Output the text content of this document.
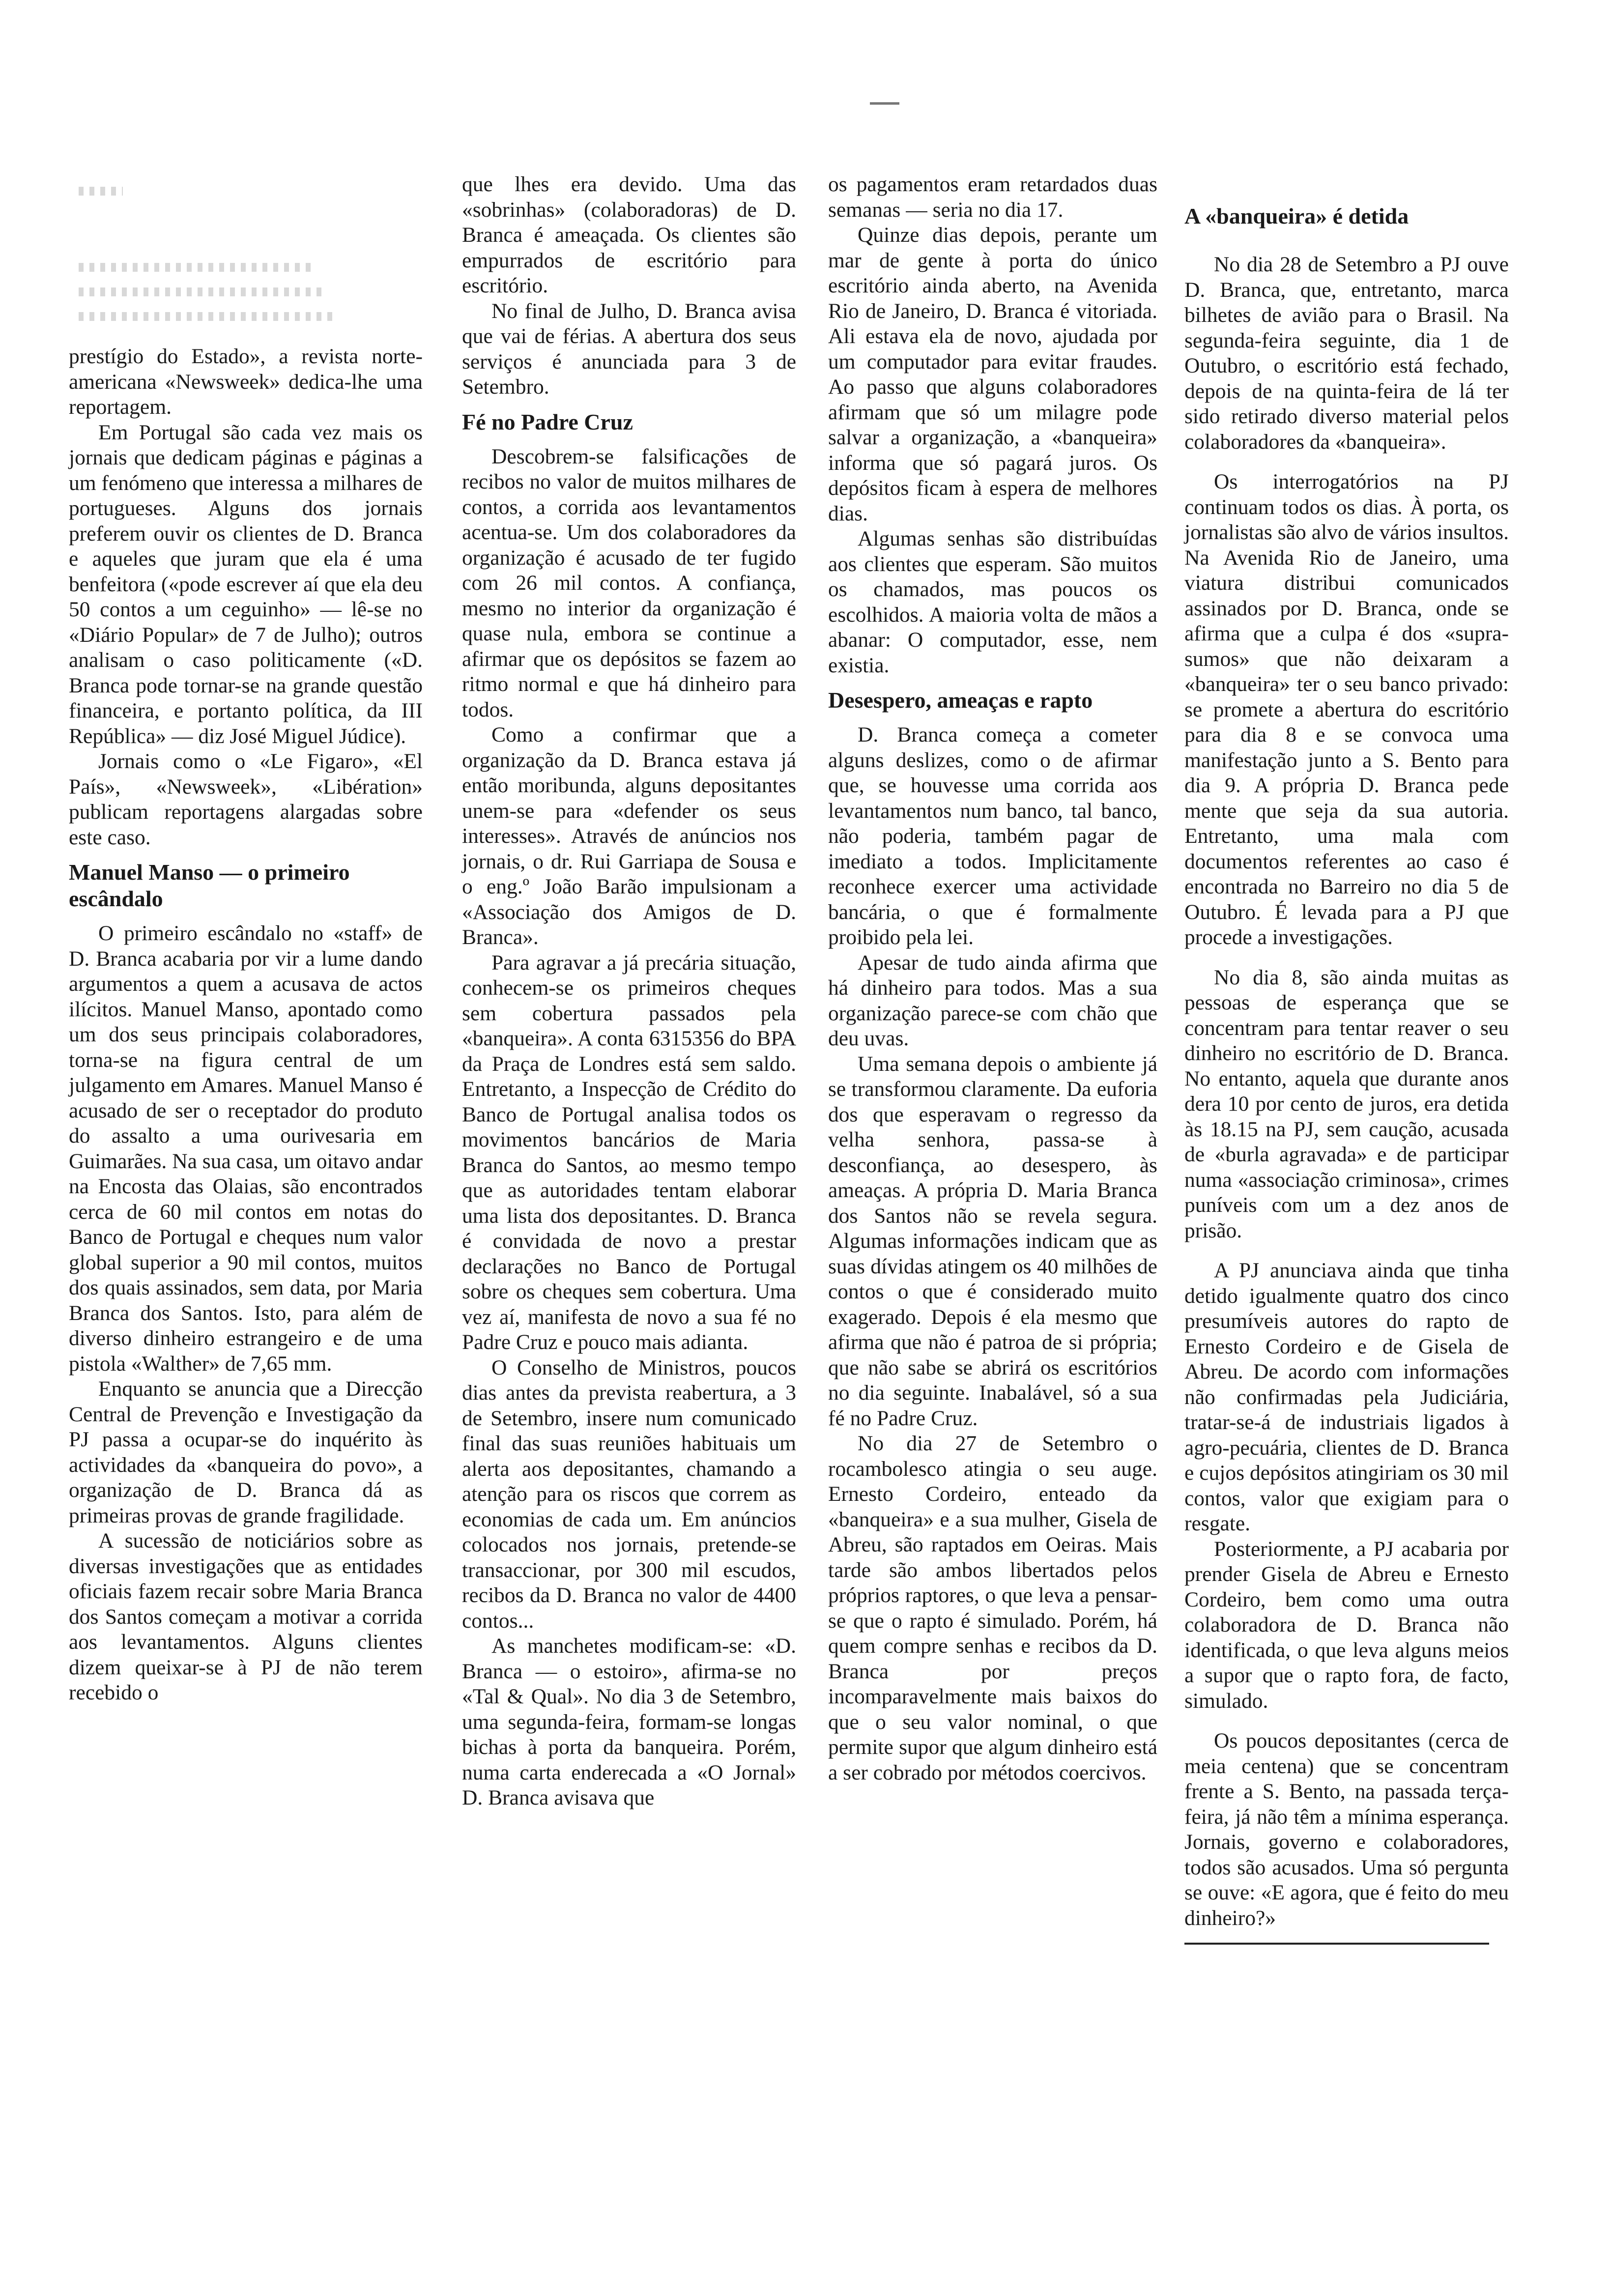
prestígio do Estado», a revista norte-americana «Newsweek» dedica-lhe uma reportagem.

Em Portugal são cada vez mais os jornais que dedicam páginas e páginas a um fenómeno que interessa a milhares de portugueses. Alguns dos jornais preferem ouvir os clientes de D. Branca e aqueles que juram que ela é uma benfeitora («pode escrever aí que ela deu 50 contos a um ceguinho» — lê-se no «Diário Popular» de 7 de Julho); outros analisam o caso politicamente («D. Branca pode tornar-se na grande questão financeira, e portanto política, da III República» — diz José Miguel Júdice).

Jornais como o «Le Figaro», «El País», «Newsweek», «Libération» publicam reportagens alargadas sobre este caso.

Manuel Manso — o primeiro escândalo

O primeiro escândalo no «staff» de D. Branca acabaria por vir a lume dando argumentos a quem a acusava de actos ilícitos. Manuel Manso, apontado como um dos seus principais colaboradores, torna-se na figura central de um julgamento em Amares. Manuel Manso é acusado de ser o receptador do produto do assalto a uma ourivesaria em Guimarães. Na sua casa, um oitavo andar na Encosta das Olaias, são encontrados cerca de 60 mil contos em notas do Banco de Portugal e cheques num valor global superior a 90 mil contos, muitos dos quais assinados, sem data, por Maria Branca dos Santos. Isto, para além de diverso dinheiro estrangeiro e de uma pistola «Walther» de 7,65 mm.

Enquanto se anuncia que a Direcção Central de Prevenção e Investigação da PJ passa a ocupar-se do inquérito às actividades da «banqueira do povo», a organização de D. Branca dá as primeiras provas de grande fragilidade.

A sucessão de noticiários sobre as diversas investigações que as entidades oficiais fazem recair sobre Maria Branca dos Santos começam a motivar a corrida aos levantamentos. Alguns clientes dizem queixar-se à PJ de não terem recebido o

que lhes era devido. Uma das «sobrinhas» (colaboradoras) de D. Branca é ameaçada. Os clientes são empurrados de escritório para escritório.

No final de Julho, D. Branca avisa que vai de férias. A abertura dos seus serviços é anunciada para 3 de Setembro.

Fé no Padre Cruz

Descobrem-se falsificações de recibos no valor de muitos milhares de contos, a corrida aos levantamentos acentua-se. Um dos colaboradores da organização é acusado de ter fugido com 26 mil contos. A confiança, mesmo no interior da organização é quase nula, embora se continue a afirmar que os depósitos se fazem ao ritmo normal e que há dinheiro para todos.

Como a confirmar que a organização da D. Branca estava já então moribunda, alguns depositantes unem-se para «defender os seus interesses». Através de anúncios nos jornais, o dr. Rui Garriapa de Sousa e o eng.º João Barão impulsionam a «Associação dos Amigos de D. Branca».

Para agravar a já precária situação, conhecem-se os primeiros cheques sem cobertura passados pela «banqueira». A conta 6315356 do BPA da Praça de Londres está sem saldo. Entretanto, a Inspecção de Crédito do Banco de Portugal analisa todos os movimentos bancários de Maria Branca do Santos, ao mesmo tempo que as autoridades tentam elaborar uma lista dos depositantes. D. Branca é convidada de novo a prestar declarações no Banco de Portugal sobre os cheques sem cobertura. Uma vez aí, manifesta de novo a sua fé no Padre Cruz e pouco mais adianta.

O Conselho de Ministros, poucos dias antes da prevista reabertura, a 3 de Setembro, insere num comunicado final das suas reuniões habituais um alerta aos depositantes, chamando a atenção para os riscos que correm as economias de cada um. Em anúncios colocados nos jornais, pretende-se transaccionar, por 300 mil escudos, recibos da D. Branca no valor de 4400 contos...

As manchetes modificam-se: «D. Branca — o estoiro», afirma-se no «Tal & Qual». No dia 3 de Setembro, uma segunda-feira, formam-se longas bichas à porta da banqueira. Porém, numa carta enderecada a «O Jornal» D. Branca avisava que

os pagamentos eram retardados duas semanas — seria no dia 17.

Quinze dias depois, perante um mar de gente à porta do único escritório ainda aberto, na Avenida Rio de Janeiro, D. Branca é vitoriada. Ali estava ela de novo, ajudada por um computador para evitar fraudes. Ao passo que alguns colaboradores afirmam que só um milagre pode salvar a organização, a «banqueira» informa que só pagará juros. Os depósitos ficam à espera de melhores dias.

Algumas senhas são distribuídas aos clientes que esperam. São muitos os chamados, mas poucos os escolhidos. A maioria volta de mãos a abanar: O computador, esse, nem existia.

Desespero, ameaças e rapto

D. Branca começa a cometer alguns deslizes, como o de afirmar que, se houvesse uma corrida aos levantamentos num banco, tal banco, não poderia, também pagar de imediato a todos. Implicitamente reconhece exercer uma actividade bancária, o que é formalmente proibido pela lei.

Apesar de tudo ainda afirma que há dinheiro para todos. Mas a sua organização parece-se com chão que deu uvas.

Uma semana depois o ambiente já se transformou claramente. Da euforia dos que esperavam o regresso da velha senhora, passa-se à desconfiança, ao desespero, às ameaças. A própria D. Maria Branca dos Santos não se revela segura. Algumas informações indicam que as suas dívidas atingem os 40 milhões de contos o que é considerado muito exagerado. Depois é ela mesmo que afirma que não é patroa de si própria; que não sabe se abrirá os escritórios no dia seguinte. Inabalável, só a sua fé no Padre Cruz.

No dia 27 de Setembro o rocambolesco atingia o seu auge. Ernesto Cordeiro, enteado da «banqueira» e a sua mulher, Gisela de Abreu, são raptados em Oeiras. Mais tarde são ambos libertados pelos próprios raptores, o que leva a pensar-se que o rapto é simulado. Porém, há quem compre senhas e recibos da D. Branca por preços incomparavelmente mais baixos do que o seu valor nominal, o que permite supor que algum dinheiro está a ser cobrado por métodos coercivos.

A «banqueira» é detida

No dia 28 de Setembro a PJ ouve D. Branca, que, entretanto, marca bilhetes de avião para o Brasil. Na segunda-feira seguinte, dia 1 de Outubro, o escritório está fechado, depois de na quinta-feira de lá ter sido retirado diverso material pelos colaboradores da «banqueira».

Os interrogatórios na PJ continuam todos os dias. À porta, os jornalistas são alvo de vários insultos. Na Avenida Rio de Janeiro, uma viatura distribui comunicados assinados por D. Branca, onde se afirma que a culpa é dos «supra-sumos» que não deixaram a «banqueira» ter o seu banco privado: se promete a abertura do escritório para dia 8 e se convoca uma manifestação junto a S. Bento para dia 9. A própria D. Branca pede mente que seja da sua autoria. Entretanto, uma mala com documentos referentes ao caso é encontrada no Barreiro no dia 5 de Outubro. É levada para a PJ que procede a investigações.

No dia 8, são ainda muitas as pessoas de esperança que se concentram para tentar reaver o seu dinheiro no escritório de D. Branca. No entanto, aquela que durante anos dera 10 por cento de juros, era detida às 18.15 na PJ, sem caução, acusada de «burla agravada» e de participar numa «associação criminosa», crimes puníveis com um a dez anos de prisão.

A PJ anunciava ainda que tinha detido igualmente quatro dos cinco presumíveis autores do rapto de Ernesto Cordeiro e de Gisela de Abreu. De acordo com informações não confirmadas pela Judiciária, tratar-se-á de industriais ligados à agro-pecuária, clientes de D. Branca e cujos depósitos atingiriam os 30 mil contos, valor que exigiam para o resgate.

Posteriormente, a PJ acabaria por prender Gisela de Abreu e Ernesto Cordeiro, bem como uma outra colaboradora de D. Branca não identificada, o que leva alguns meios a supor que o rapto fora, de facto, simulado.

Os poucos depositantes (cerca de meia centena) que se concentram frente a S. Bento, na passada terça-feira, já não têm a mínima esperança. Jornais, governo e colaboradores, todos são acusados. Uma só pergunta se ouve: «E agora, que é feito do meu dinheiro?»
